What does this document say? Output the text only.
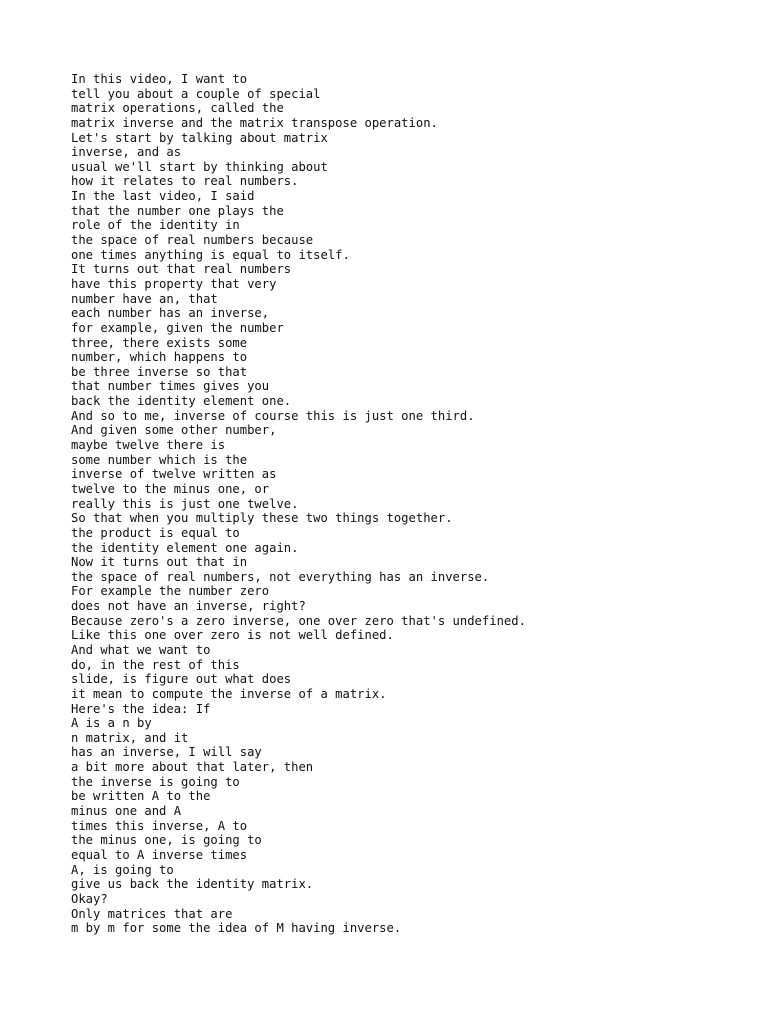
In this video, I want to
tell you about a couple of special
matrix operations, called the
matrix inverse and the matrix transpose operation.
Let's start by talking about matrix
inverse, and as
usual we'll start by thinking about
how it relates to real numbers.
In the last video, I said
that the number one plays the
role of the identity in
the space of real numbers because
one times anything is equal to itself.
It turns out that real numbers
have this property that very
number have an, that
each number has an inverse,
for example, given the number
three, there exists some
number, which happens to
be three inverse so that
that number times gives you
back the identity element one.
And so to me, inverse of course this is just one third.
And given some other number,
maybe twelve there is
some number which is the
inverse of twelve written as
twelve to the minus one, or
really this is just one twelve.
So that when you multiply these two things together.
the product is equal to
the identity element one again.
Now it turns out that in
the space of real numbers, not everything has an inverse.
For example the number zero
does not have an inverse, right?
Because zero's a zero inverse, one over zero that's undefined.
Like this one over zero is not well defined.
And what we want to
do, in the rest of this
slide, is figure out what does
it mean to compute the inverse of a matrix.
Here's the idea: If
A is a n by
n matrix, and it
has an inverse, I will say
a bit more about that later, then
the inverse is going to
be written A to the
minus one and A
times this inverse, A to
the minus one, is going to
equal to A inverse times
A, is going to
give us back the identity matrix.
Okay?
Only matrices that are
m by m for some the idea of M having inverse.
